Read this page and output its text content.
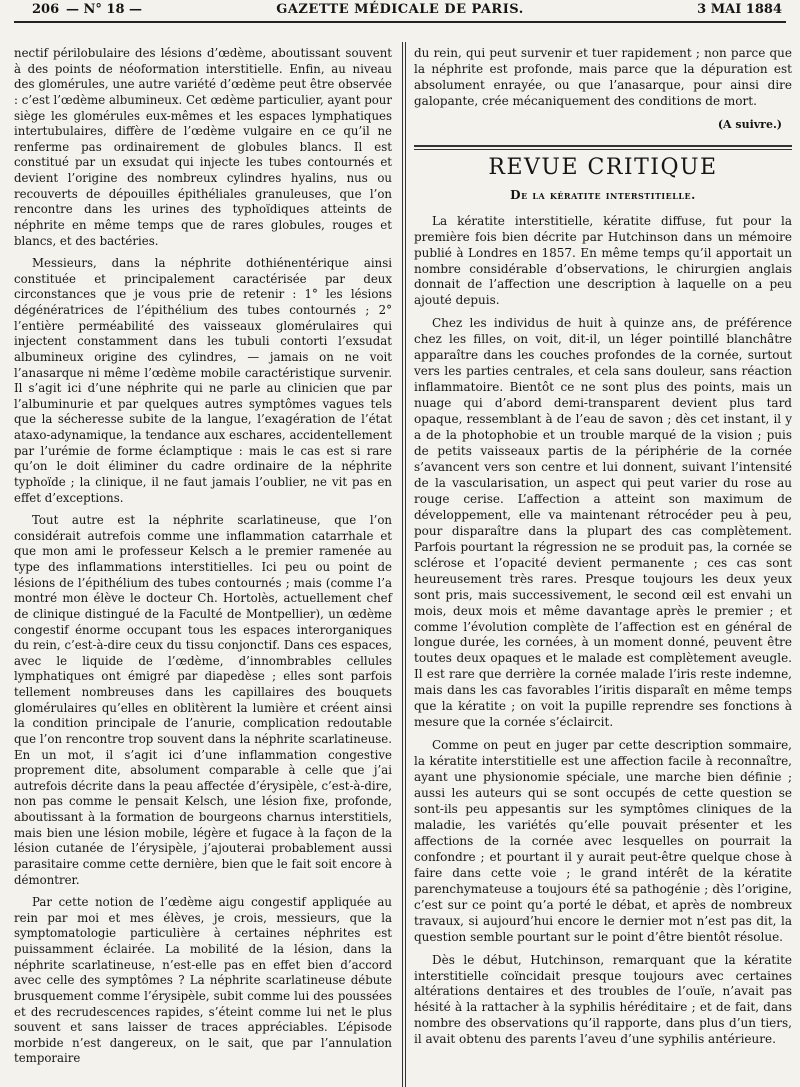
206 — N° 18 —	GAZETTE MÉDICALE DE PARIS.	3 MAI 1884

nectif périlobulaire des lésions d’œdème, aboutissant souvent à des points de néoformation interstitielle. Enfin, au niveau des glomérules, une autre variété d’œdème peut être observée : c’est l’œdème albumineux. Cet œdème particulier, ayant pour siège les glomérules eux-mêmes et les espaces lymphatiques intertubulaires, diffère de l’œdème vulgaire en ce qu’il ne renferme pas ordinairement de globules blancs. Il est constitué par un exsudat qui injecte les tubes contournés et devient l’origine des nombreux cylindres hyalins, nus ou recouverts de dépouilles épithéliales granuleuses, que l’on rencontre dans les urines des typhoïdiques atteints de néphrite en même temps que de rares globules, rouges et blancs, et des bactéries.

Messieurs, dans la néphrite dothiénentérique ainsi constituée et principalement caractérisée par deux circonstances que je vous prie de retenir : 1° les lésions dégénératrices de l’épithélium des tubes contournés ; 2° l’entière perméabilité des vaisseaux glomérulaires qui injectent constamment dans les tubuli contorti l’exsudat albumineux origine des cylindres, — jamais on ne voit l’anasarque ni même l’œdème mobile caractéristique survenir. Il s’agit ici d’une néphrite qui ne parle au clinicien que par l’albuminurie et par quelques autres symptômes vagues tels que la sécheresse subite de la langue, l’exagération de l’état ataxo-adynamique, la tendance aux eschares, accidentellement par l’urémie de forme éclamptique : mais le cas est si rare qu’on le doit éliminer du cadre ordinaire de la néphrite typhoïde ; la clinique, il ne faut jamais l’oublier, ne vit pas en effet d’exceptions.

Tout autre est la néphrite scarlatineuse, que l’on considérait autrefois comme une inflammation catarrhale et que mon ami le professeur Kelsch a le premier ramenée au type des inflammations interstitielles. Ici peu ou point de lésions de l’épithélium des tubes contournés ; mais (comme l’a montré mon élève le docteur Ch. Hortolès, actuellement chef de clinique distingué de la Faculté de Montpellier), un œdème congestif énorme occupant tous les espaces interorganiques du rein, c’est-à-dire ceux du tissu conjonctif. Dans ces espaces, avec le liquide de l’œdème, d’innombrables cellules lymphatiques ont émigré par diapedèse ; elles sont parfois tellement nombreuses dans les capillaires des bouquets glomérulaires qu’elles en oblitèrent la lumière et créent ainsi la condition principale de l’anurie, complication redoutable que l’on rencontre trop souvent dans la néphrite scarlatineuse. En un mot, il s’agit ici d’une inflammation congestive proprement dite, absolument comparable à celle que j’ai autrefois décrite dans la peau affectée d’érysipèle, c’est-à-dire, non pas comme le pensait Kelsch, une lésion fixe, profonde, aboutissant à la formation de bourgeons charnus interstitiels, mais bien une lésion mobile, légère et fugace à la façon de la lésion cutanée de l’érysipèle, j’ajouterai probablement aussi parasitaire comme cette dernière, bien que le fait soit encore à démontrer.

Par cette notion de l’œdème aigu congestif appliquée au rein par moi et mes élèves, je crois, messieurs, que la symptomatologie particulière à certaines néphrites est puissamment éclairée. La mobilité de la lésion, dans la néphrite scarlatineuse, n’est-elle pas en effet bien d’accord avec celle des symptômes ? La néphrite scarlatineuse débute brusquement comme l’érysipèle, subit comme lui des poussées et des recrudescences rapides, s’éteint comme lui net le plus souvent et sans laisser de traces appréciables. L’épisode morbide n’est dangereux, on le sait, que par l’annulation temporaire

du rein, qui peut survenir et tuer rapidement ; non parce que la néphrite est profonde, mais parce que la dépuration est absolument enrayée, ou que l’anasarque, pour ainsi dire galopante, crée mécaniquement des conditions de mort.

(A suivre.)
REVUE CRITIQUE
De la kératite interstitielle.

La kératite interstitielle, kératite diffuse, fut pour la première fois bien décrite par Hutchinson dans un mémoire publié à Londres en 1857. En même temps qu’il apportait un nombre considérable d’observations, le chirurgien anglais donnait de l’affection une description à laquelle on a peu ajouté depuis.

Chez les individus de huit à quinze ans, de préférence chez les filles, on voit, dit-il, un léger pointillé blanchâtre apparaître dans les couches profondes de la cornée, surtout vers les parties centrales, et cela sans douleur, sans réaction inflammatoire. Bientôt ce ne sont plus des points, mais un nuage qui d’abord demi-transparent devient plus tard opaque, ressemblant à de l’eau de savon ; dès cet instant, il y a de la photophobie et un trouble marqué de la vision ; puis de petits vaisseaux partis de la périphérie de la cornée s’avancent vers son centre et lui donnent, suivant l’intensité de la vascularisation, un aspect qui peut varier du rose au rouge cerise. L’affection a atteint son maximum de développement, elle va maintenant rétrocéder peu à peu, pour disparaître dans la plupart des cas complètement. Parfois pourtant la régression ne se produit pas, la cornée se sclérose et l’opacité devient permanente ; ces cas sont heureusement très rares. Presque toujours les deux yeux sont pris, mais successivement, le second œil est envahi un mois, deux mois et même davantage après le premier ; et comme l’évolution complète de l’affection est en général de longue durée, les cornées, à un moment donné, peuvent être toutes deux opaques et le malade est complètement aveugle. Il est rare que derrière la cornée malade l’iris reste indemne, mais dans les cas favorables l’iritis disparaît en même temps que la kératite ; on voit la pupille reprendre ses fonctions à mesure que la cornée s’éclaircit.

Comme on peut en juger par cette description sommaire, la kératite interstitielle est une affection facile à reconnaître, ayant une physionomie spéciale, une marche bien définie ; aussi les auteurs qui se sont occupés de cette question se sont-ils peu appesantis sur les symptômes cliniques de la maladie, les variétés qu’elle pouvait présenter et les affections de la cornée avec lesquelles on pourrait la confondre ; et pourtant il y aurait peut-être quelque chose à faire dans cette voie ; le grand intérêt de la kératite parenchymateuse a toujours été sa pathogénie ; dès l’origine, c’est sur ce point qu’a porté le débat, et après de nombreux travaux, si aujourd’hui encore le dernier mot n’est pas dit, la question semble pourtant sur le point d’être bientôt résolue.

Dès le début, Hutchinson, remarquant que la kératite interstitielle coïncidait presque toujours avec certaines altérations dentaires et des troubles de l’ouïe, n’avait pas hésité à la rattacher à la syphilis héréditaire ; et de fait, dans nombre des observations qu’il rapporte, dans plus d’un tiers, il avait obtenu des parents l’aveu d’une syphilis antérieure.
